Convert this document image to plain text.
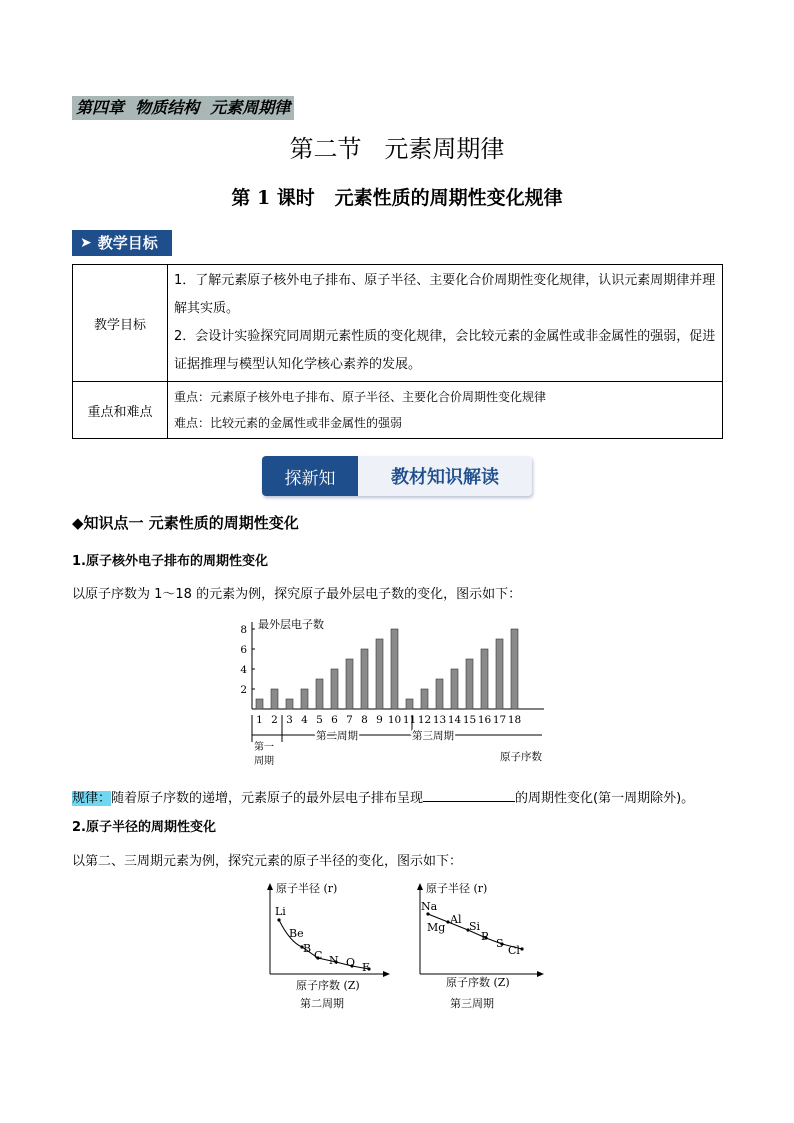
第四章  物质结构  元素周期律
第二节   元素周期律
第 1 课时   元素性质的周期性变化规律
➤ 教学目标
教学目标	1．了解元素原子核外电子排布、原子半径、主要化合价周期性变化规律，认识元素周期律并理解其实质。
2．会设计实验探究同周期元素性质的变化规律，会比较元素的金属性或非金属性的强弱，促进证据推理与模型认知化学核心素养的发展。

重点和难点	重点：元素原子核外电子排布、原子半径、主要化合价周期性变化规律
难点：比较元素的金属性或非金属性的强弱
探新知	教材知识解读
◆知识点一 元素性质的周期性变化
1.原子核外电子排布的周期性变化
以原子序数为 1～18 的元素为例，探究原子最外层电子数的变化，图示如下：
最外层电子数
2
4
6
8
1 2 3 4 5 6 7 8 9 10 11 12 13 14 15 16 17 18
第一
周期
第二周期	第三周期
原子序数
规律：随着原子序数的递增，元素原子的最外层电子排布呈现	的周期性变化(第一周期除外)。
2.原子半径的周期性变化
以第二、三周期元素为例，探究元素的原子半径的变化，图示如下：
原子半径 (r)
Li
Be
B
C N O F
原子序数 (Z)
第二周期
原子半径 (r)
Na
Mg
Al
Si
P
S
Cl
原子序数 (Z)
第三周期
